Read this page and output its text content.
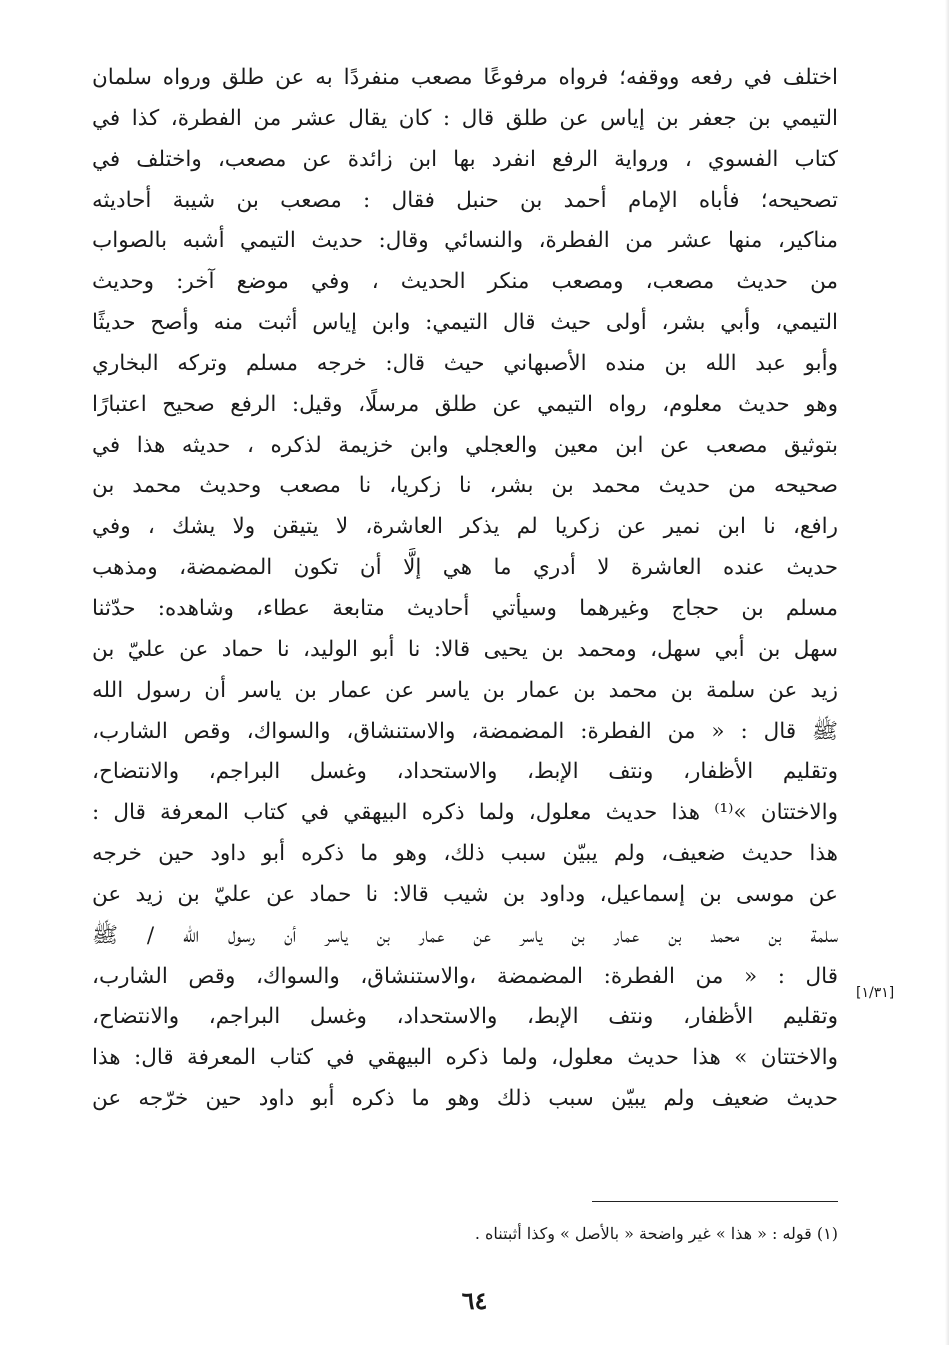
اختلف في رفعه ووقفه؛ فرواه مرفوعًا مصعب منفردًا به عن طلق ورواه سلمان
التيمي بن جعفر بن إياس عن طلق قال : كان يقال عشر من الفطرة، كذا في
كتاب الفسوي ، ورواية الرفع انفرد بها ابن زائدة عن مصعب، واختلف في
تصحيحه؛ فأباه الإمام أحمد بن حنبل فقال : مصعب بن شيبة أحاديثه
مناكير، منها عشر من الفطرة، والنسائي وقال: حديث التيمي أشبه بالصواب
من حديث مصعب، ومصعب منكر الحديث ، وفي موضع آخر: وحديث
التيمي، وأبي بشر، أولى حيث قال التيمي: وابن إياس أثبت منه وأصح حديثًا
وأبو عبد الله بن منده الأصبهاني حيث قال: خرجه مسلم وتركه البخاري
وهو حديث معلوم، رواه التيمي عن طلق مرسلًا، وقيل: الرفع صحيح اعتبارًا
بتوثيق مصعب عن ابن معين والعجلي وابن خزيمة لذكره ، حديثه هذا في
صحيحه من حديث محمد بن بشر، نا زكريا، نا مصعب وحديث محمد بن
رافع، نا ابن نمير عن زكريا لم يذكر العاشرة، لا يتيقن ولا يشك ، وفي
حديث عنده العاشرة لا أدري ما هي إلَّا أن تكون المضمضة، ومذهب
مسلم بن حجاج وغيرهما وسيأتي أحاديث متابعة عطاء، وشاهده: حدّثنا
سهل بن أبي سهل، ومحمد بن يحيى قالا: نا أبو الوليد، نا حماد عن عليّ بن
زيد عن سلمة بن محمد بن عمار بن ياسر عن عمار بن ياسر أن رسول الله
ﷺ قال : « من الفطرة: المضمضة، والاستنشاق، والسواك، وقص الشارب،
وتقليم الأظفار، ونتف الإبط، والاستحداد، وغسل البراجم، والانتضاح،
والاختتان »⁽¹⁾ هذا حديث معلول، ولما ذكره البيهقي في كتاب المعرفة قال :
هذا حديث ضعيف، ولم يبيّن سبب ذلك، وهو ما ذكره أبو داود حين خرجه
عن موسى بن إسماعيل، وداود بن شيب قالا: نا حماد عن عليّ بن زيد عن
سلمة بن محمد بن عمار بن ياسر عن عمار بن ياسر أن رسول الله / ﷺ
قال : « من الفطرة: المضمضة ،والاستنشاق، والسواك، وقص الشارب،
وتقليم الأظفار، ونتف الإبط، والاستحداد، وغسل البراجم، والانتضاح،
والاختتان » هذا حديث معلول، ولما ذكره البيهقي في كتاب المعرفة قال: هذا
حديث ضعيف ولم يبيّن سبب ذلك وهو ما ذكره أبو داود حين خرّجه عن
[١/٣١]
(١) قوله : « هذا » غير واضحة « بالأصل » وكذا أثبتناه .
٦٤
